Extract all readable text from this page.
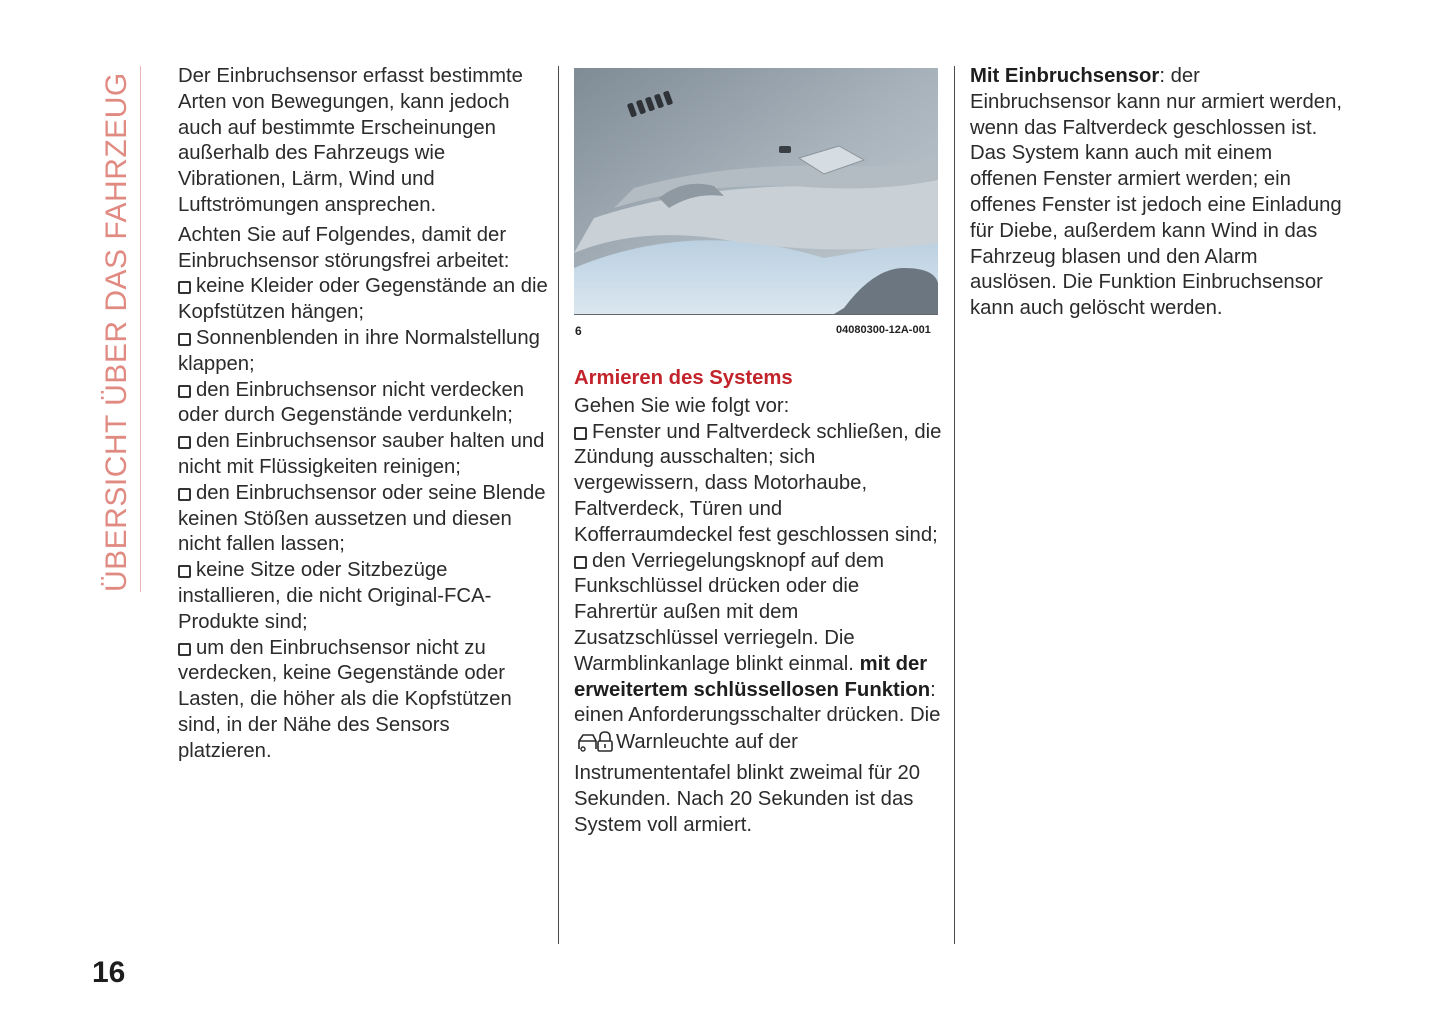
ÜBERSICHT ÜBER DAS FAHRZEUG Der Einbruchsensor erfasst bestimmte Arten von Bewegungen, kann jedoch auch auf bestimmte Erscheinungen außerhalb des Fahrzeugs wie Vibrationen, Lärm, Wind und Luftströmungen ansprechen.

Achten Sie auf Folgendes, damit der Einbruchsensor störungsfrei arbeitet:

keine Kleider oder Gegenstände an die Kopfstützen hängen;
Sonnenblenden in ihre Normalstellung klappen;
den Einbruchsensor nicht verdecken oder durch Gegenstände verdunkeln;
den Einbruchsensor sauber halten und nicht mit Flüssigkeiten reinigen;
den Einbruchsensor oder seine Blende keinen Stößen aussetzen und diesen nicht fallen lassen;
keine Sitze oder Sitzbezüge installieren, die nicht Original-FCA-Produkte sind;
um den Einbruchsensor nicht zu verdecken, keine Gegenstände oder Lasten, die höher als die Kopfstützen sind, in der Nähe des Sensors platzieren.
6	04080300-12A-001

Armieren des Systems

Gehen Sie wie folgt vor:

Fenster und Faltverdeck schließen, die Zündung ausschalten; sich vergewissern, dass Motorhaube, Faltverdeck, Türen und Kofferraumdeckel fest geschlossen sind;
den Verriegelungsknopf auf dem Funkschlüssel drücken oder die Fahrertür außen mit dem Zusatzschlüssel verriegeln. Die Warmblinkanlage blinkt einmal. mit der erweitertem schlüssellosen Funktion: einen Anforderungsschalter drücken. Die Warnleuchte auf der Instrumententafel blinkt zweimal für 20 Sekunden. Nach 20 Sekunden ist das System voll armiert.

Mit Einbruchsensor: der Einbruchsensor kann nur armiert werden, wenn das Faltverdeck geschlossen ist. Das System kann auch mit einem offenen Fenster armiert werden; ein offenes Fenster ist jedoch eine Einladung für Diebe, außerdem kann Wind in das Fahrzeug blasen und den Alarm auslösen. Die Funktion Einbruchsensor kann auch gelöscht werden.

16
